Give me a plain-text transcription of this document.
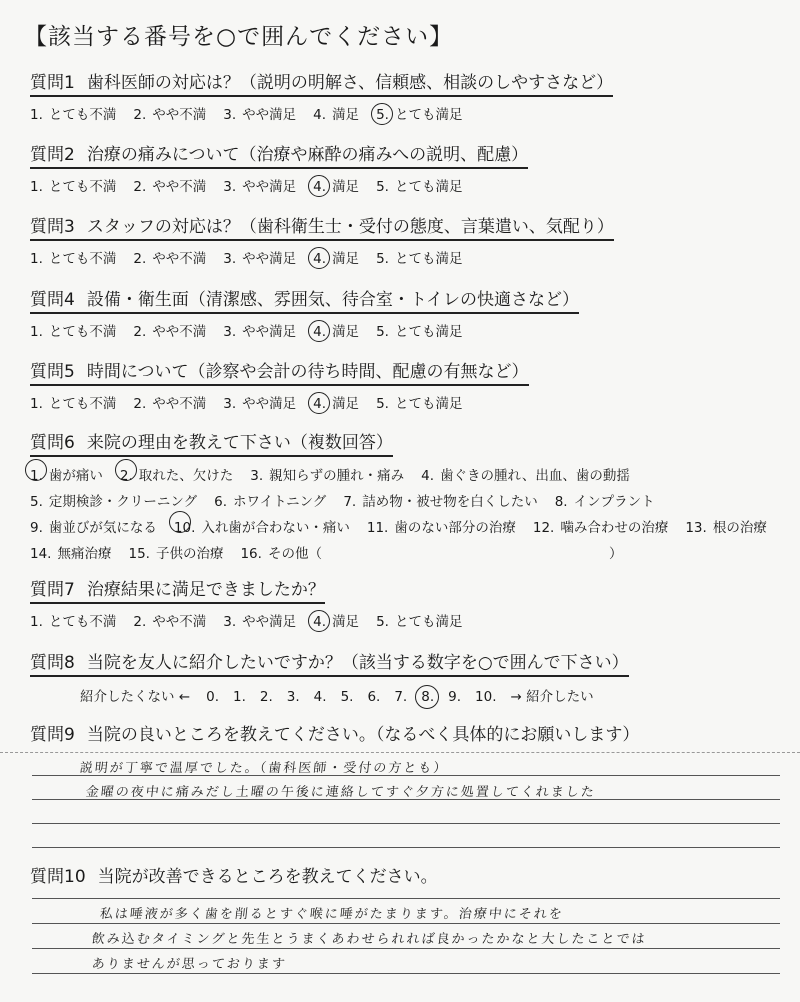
【該当する番号を○で囲んでください】
質問1 歯科医師の対応は？（説明の明解さ、信頼感、相談のしやすさなど）
1. とても不満 2. やや不満 3. やや満足 4. 満足 5. とても満足
質問2 治療の痛みについて（治療や麻酔の痛みへの説明、配慮）
1. とても不満 2. やや不満 3. やや満足 4. 満足 5. とても満足
質問3 スタッフの対応は？（歯科衛生士・受付の態度、言葉遣い、気配り）
1. とても不満 2. やや不満 3. やや満足 4. 満足 5. とても満足
質問4 設備・衛生面（清潔感、雰囲気、待合室・トイレの快適さなど）
1. とても不満 2. やや不満 3. やや満足 4. 満足 5. とても満足
質問5 時間について（診察や会計の待ち時間、配慮の有無など）
1. とても不満 2. やや不満 3. やや満足 4. 満足 5. とても満足
質問6 来院の理由を教えて下さい（複数回答）
1. 歯が痛い 2. 取れた、欠けた 3. 親知らずの腫れ・痛み 4. 歯ぐきの腫れ、出血、歯の動揺5. 定期検診・クリーニング 6. ホワイトニング 7. 詰め物・被せ物を白くしたい 8. インプラント9. 歯並びが気になる 10. 入れ歯が合わない・痛い 11. 歯のない部分の治療 12. 噛み合わせの治療 13. 根の治療14. 無痛治療 15. 子供の治療 16. その他（	）
質問7 治療結果に満足できましたか？
1. とても不満 2. やや不満 3. やや満足 4. 満足 5. とても満足
質問8 当院を友人に紹介したいですか？（該当する数字を○で囲んで下さい）
紹介したくない ← 0. 1. 2. 3. 4. 5. 6. 7. 8. 9. 10. → 紹介したい
質問9 当院の良いところを教えてください。（なるべく具体的にお願いします）
説明が丁寧で温厚でした。（歯科医師・受付の方とも）
金曜の夜中に痛みだし土曜の午後に連絡してすぐ夕方に処置してくれました
質問10 当院が改善できるところを教えてください。
私は唾液が多く歯を削るとすぐ喉に唾がたまります。治療中にそれを
飲み込むタイミングと先生とうまくあわせられれば良かったかなと大したことでは
ありませんが思っております
